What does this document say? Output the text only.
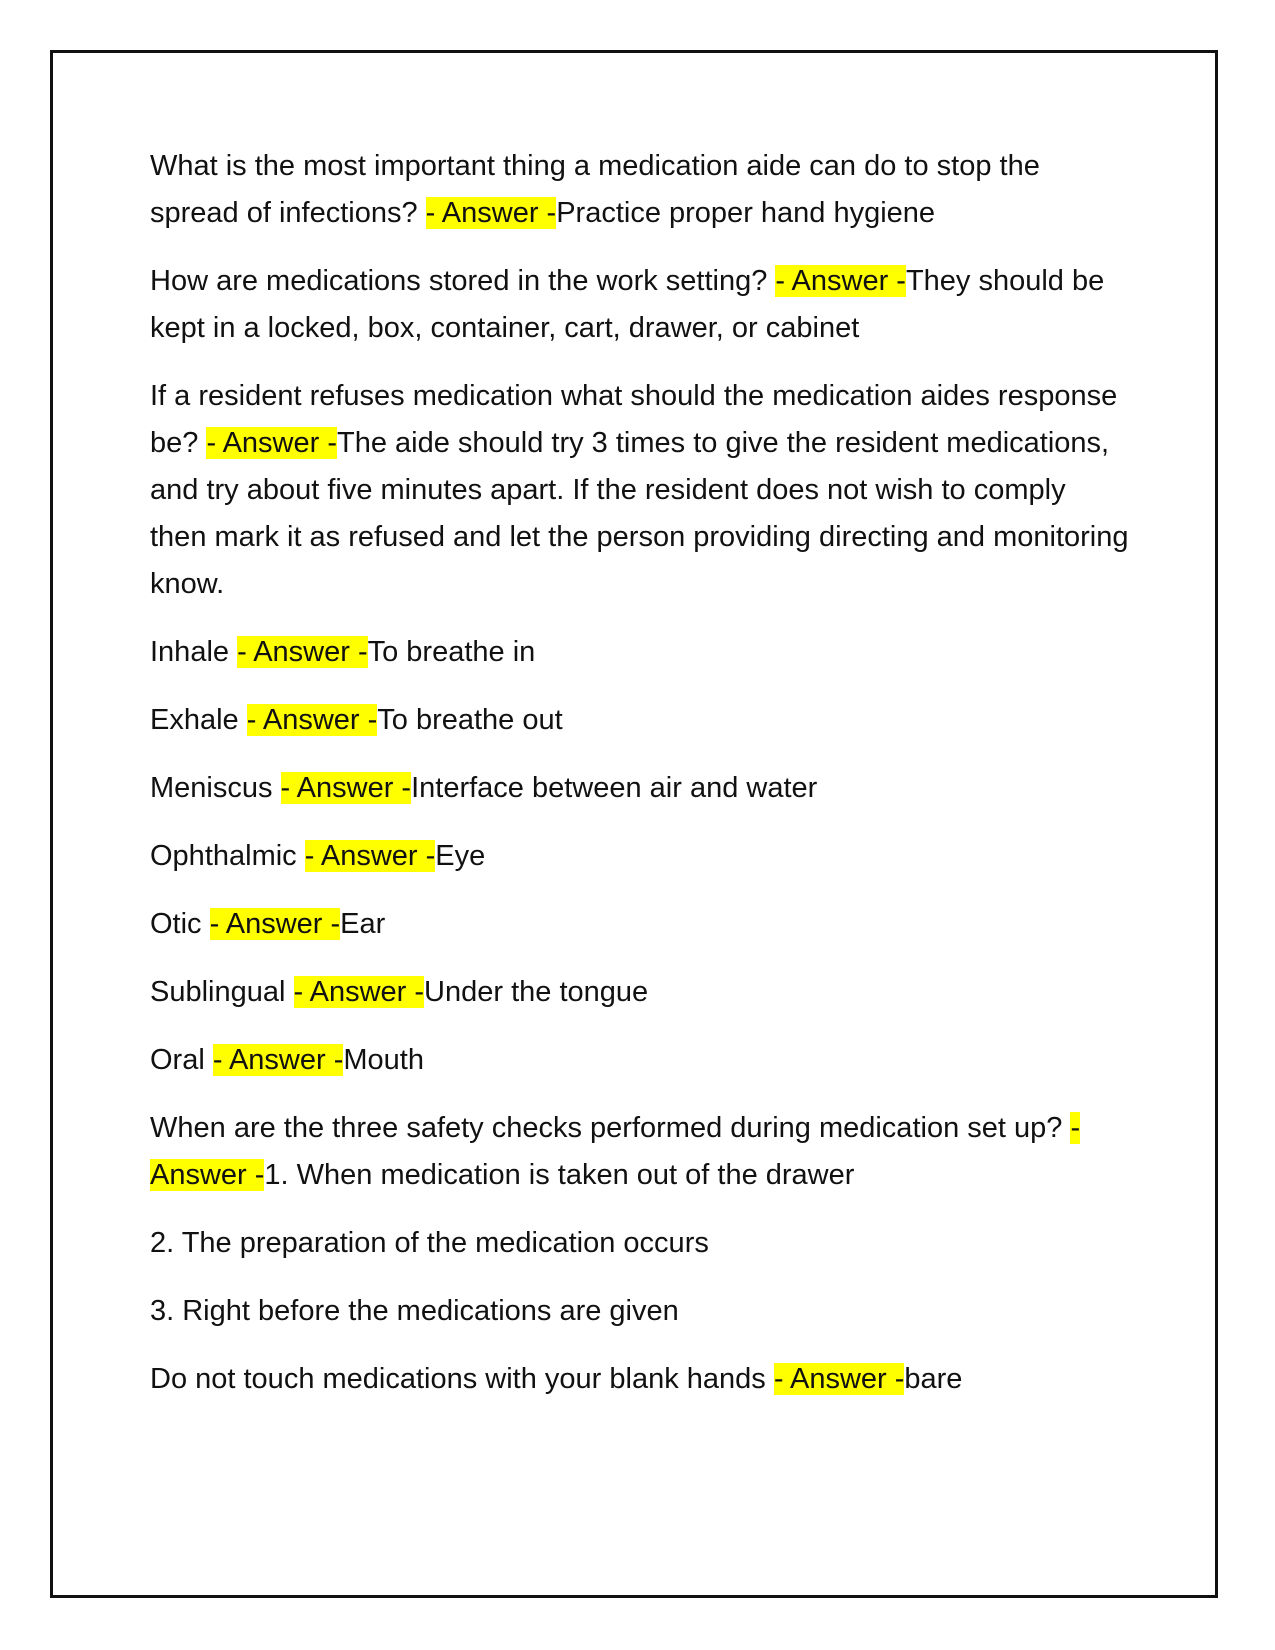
What is the most important thing a medication aide can do to stop the spread of infections? - Answer -Practice proper hand hygiene

How are medications stored in the work setting? - Answer -They should be kept in a locked, box, container, cart, drawer, or cabinet

If a resident refuses medication what should the medication aides response be? - Answer -The aide should try 3 times to give the resident medications, and try about five minutes apart. If the resident does not wish to comply then mark it as refused and let the person providing directing and monitoring know.

Inhale - Answer -To breathe in

Exhale - Answer -To breathe out

Meniscus - Answer -Interface between air and water

Ophthalmic - Answer -Eye

Otic - Answer -Ear

Sublingual - Answer -Under the tongue

Oral - Answer -Mouth

When are the three safety checks performed during medication set up? - Answer -1. When medication is taken out of the drawer

2. The preparation of the medication occurs

3. Right before the medications are given

Do not touch medications with your blank hands - Answer -bare
